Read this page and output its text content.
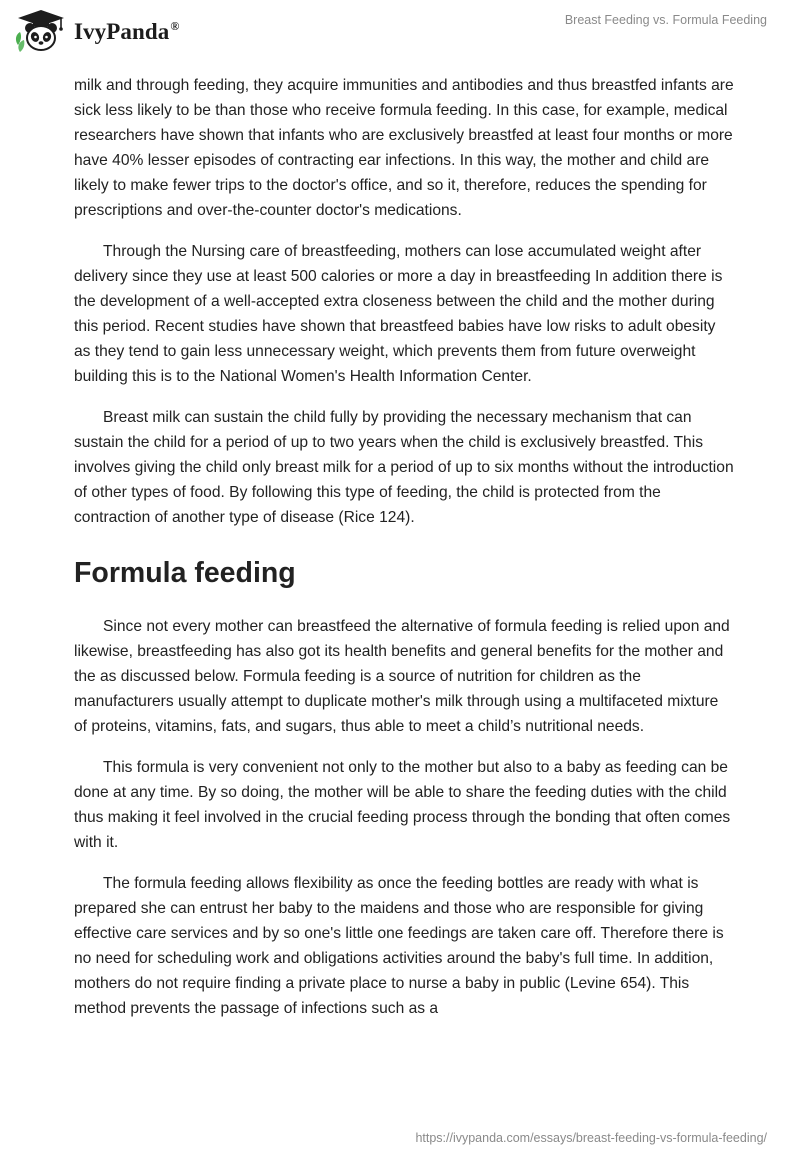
IvyPanda®	Breast Feeding vs. Formula Feeding

milk and through feeding, they acquire immunities and antibodies and thus breastfed infants are sick less likely to be than those who receive formula feeding. In this case, for example, medical researchers have shown that infants who are exclusively breastfed at least four months or more have 40% lesser episodes of contracting ear infections. In this way, the mother and child are likely to make fewer trips to the doctor's office, and so it, therefore, reduces the spending for prescriptions and over-the-counter doctor's medications.

Through the Nursing care of breastfeeding, mothers can lose accumulated weight after delivery since they use at least 500 calories or more a day in breastfeeding In addition there is the development of a well-accepted extra closeness between the child and the mother during this period. Recent studies have shown that breastfeed babies have low risks to adult obesity as they tend to gain less unnecessary weight, which prevents them from future overweight building this is to the National Women's Health Information Center.

Breast milk can sustain the child fully by providing the necessary mechanism that can sustain the child for a period of up to two years when the child is exclusively breastfed. This involves giving the child only breast milk for a period of up to six months without the introduction of other types of food. By following this type of feeding, the child is protected from the contraction of another type of disease (Rice 124).

Formula feeding

Since not every mother can breastfeed the alternative of formula feeding is relied upon and likewise, breastfeeding has also got its health benefits and general benefits for the mother and the as discussed below. Formula feeding is a source of nutrition for children as the manufacturers usually attempt to duplicate mother's milk through using a multifaceted mixture of proteins, vitamins, fats, and sugars, thus able to meet a child’s nutritional needs.

This formula is very convenient not only to the mother but also to a baby as feeding can be done at any time. By so doing, the mother will be able to share the feeding duties with the child thus making it feel involved in the crucial feeding process through the bonding that often comes with it.

The formula feeding allows flexibility as once the feeding bottles are ready with what is prepared she can entrust her baby to the maidens and those who are responsible for giving effective care services and by so one's little one feedings are taken care off. Therefore there is no need for scheduling work and obligations activities around the baby's full time. In addition, mothers do not require finding a private place to nurse a baby in public (Levine 654). This method prevents the passage of infections such as a

https://ivypanda.com/essays/breast-feeding-vs-formula-feeding/
